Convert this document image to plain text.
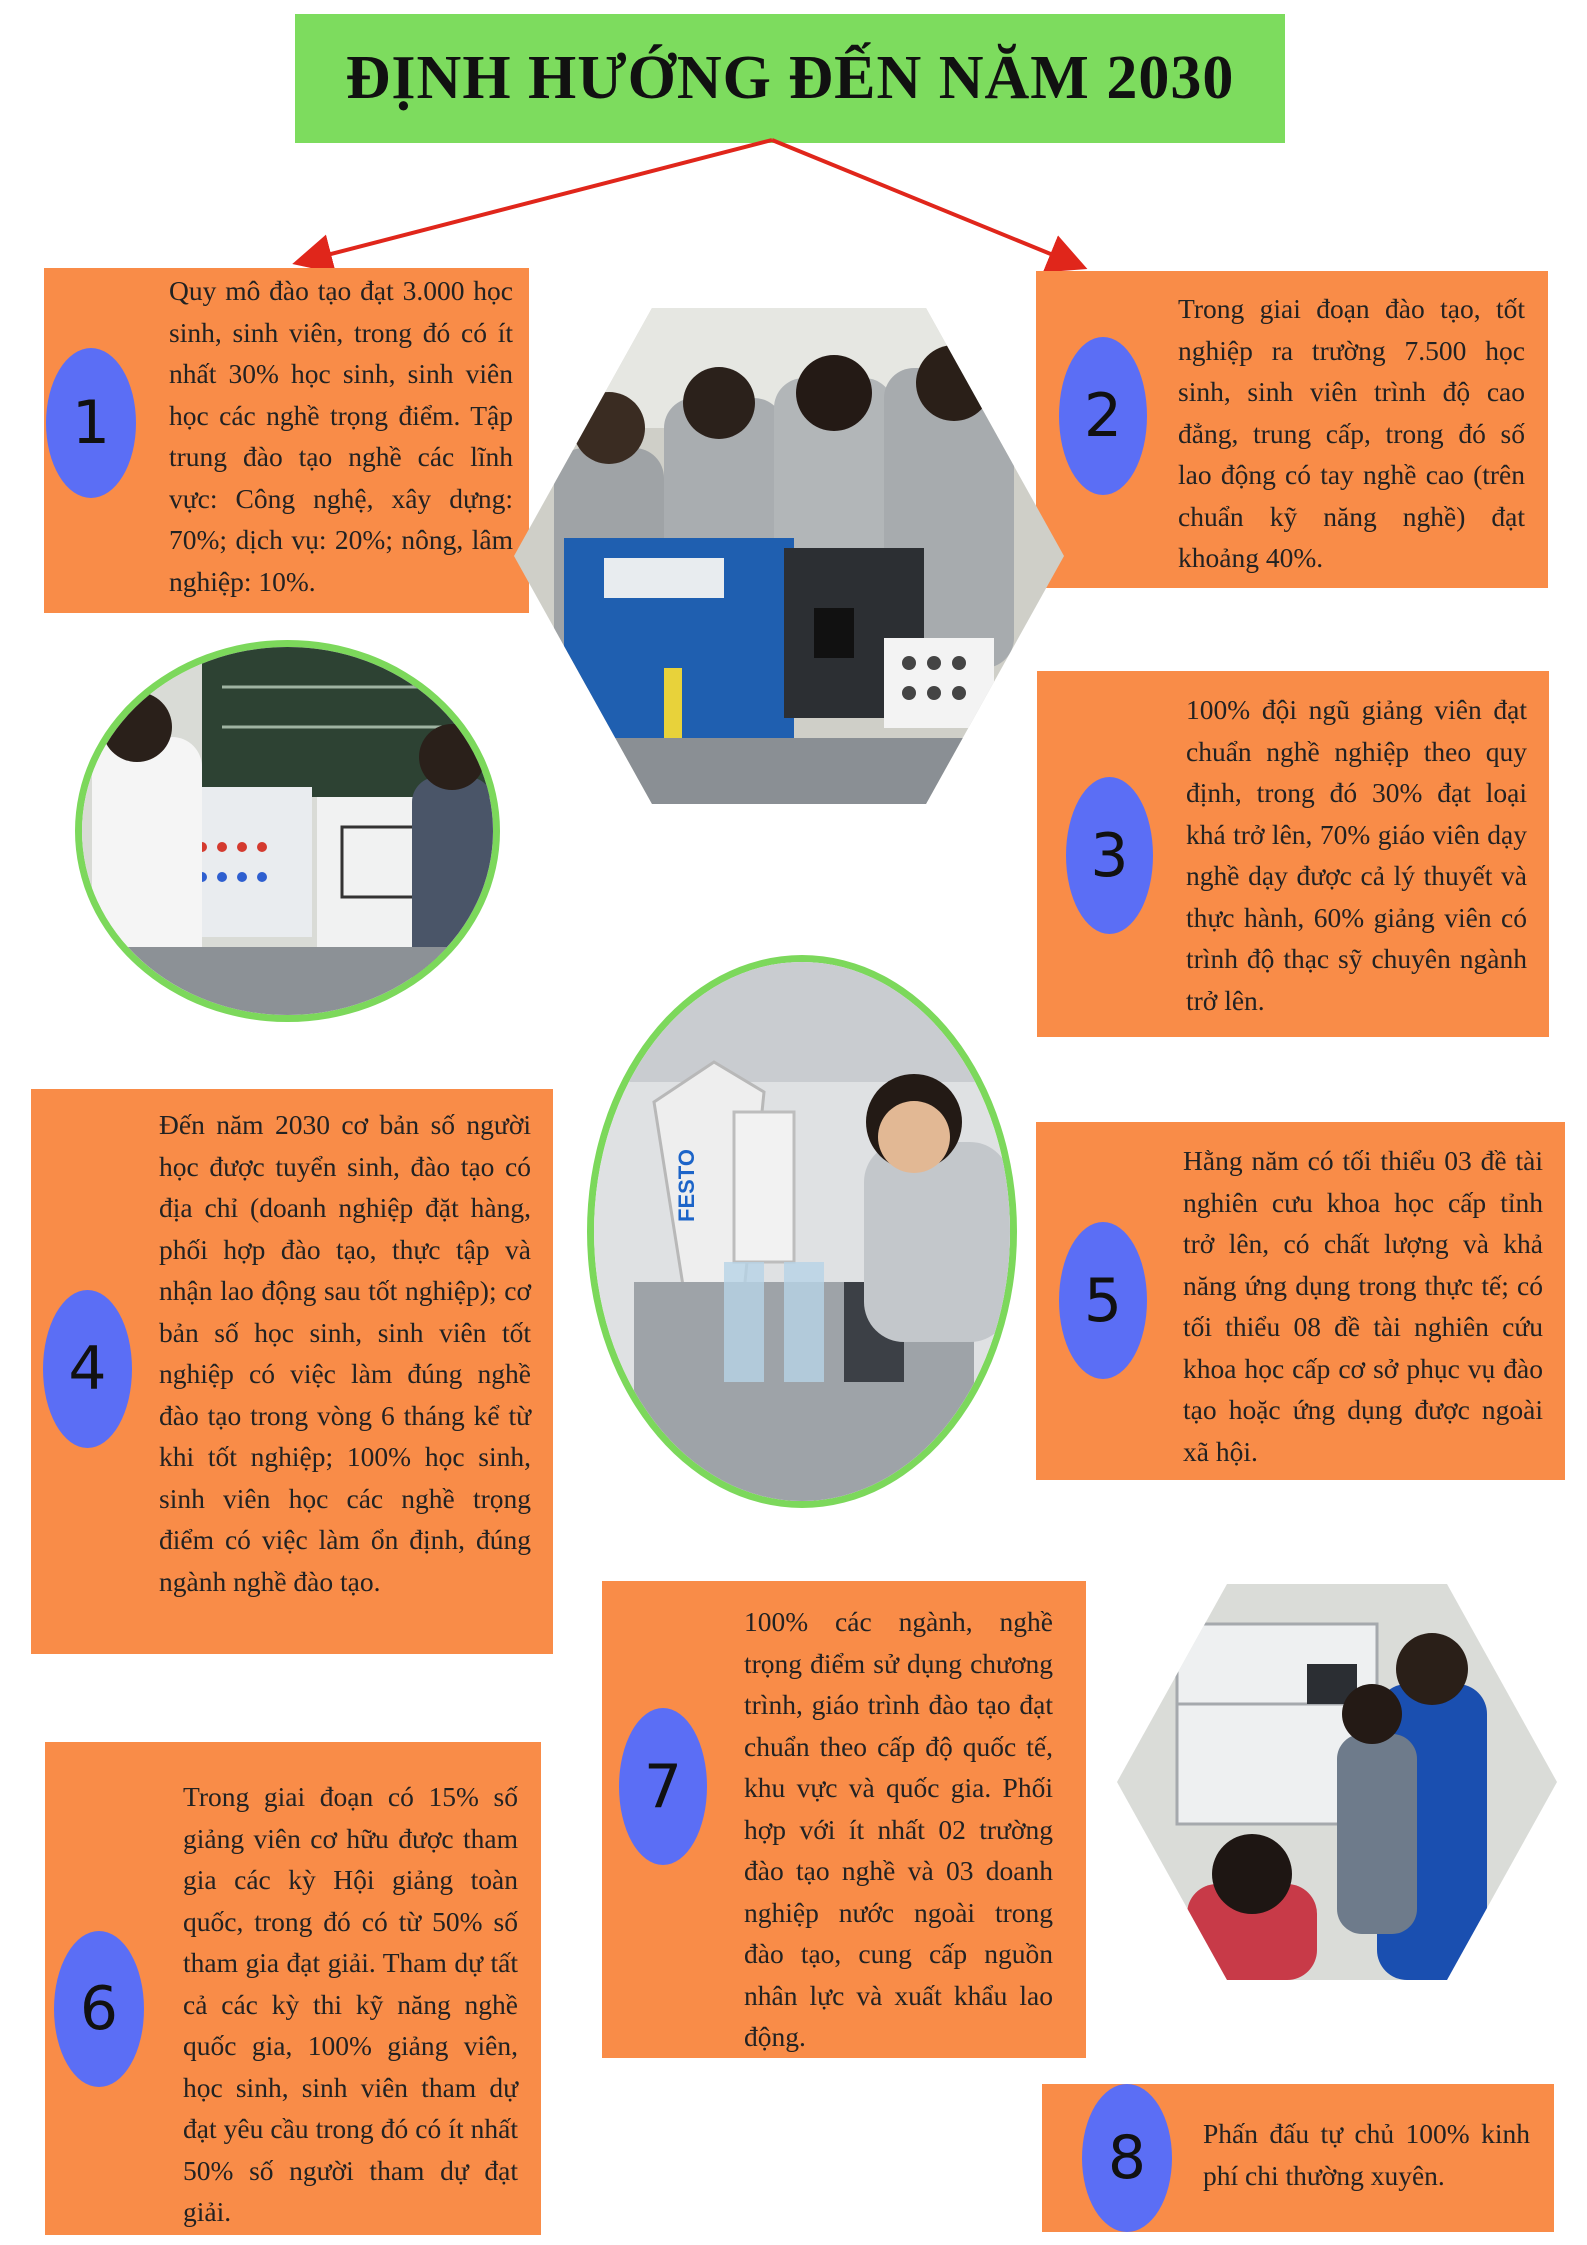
ĐỊNH HƯỚNG ĐẾN NĂM 2030
1
Quy mô đào tạo đạt 3.000 học sinh, sinh viên, trong đó có ít nhất 30% học sinh, sinh viên học các nghề trọng điểm. Tập trung đào tạo nghề các lĩnh vực: Công nghệ, xây dựng: 70%; dịch vụ: 20%; nông, lâm nghiệp: 10%.
2
Trong giai đoạn đào tạo, tốt nghiệp ra trường 7.500 học sinh, sinh viên trình độ cao đẳng, trung cấp, trong đó số lao động có tay nghề cao (trên chuẩn kỹ năng nghề) đạt khoảng 40%.
3
100% đội ngũ giảng viên đạt chuẩn nghề nghiệp theo quy định, trong đó 30% đạt loại khá trở lên, 70% giáo viên dạy nghề dạy được cả lý thuyết và thực hành, 60% giảng viên có trình độ thạc sỹ chuyên ngành trở lên.
4
Đến năm 2030 cơ bản số người học được tuyển sinh, đào tạo có địa chỉ (doanh nghiệp đặt hàng, phối hợp đào tạo, thực tập và nhận lao động sau tốt nghiệp); cơ bản số học sinh, sinh viên tốt nghiệp có việc làm đúng nghề đào tạo trong vòng 6 tháng kể từ khi tốt nghiệp; 100% học sinh, sinh viên học các nghề trọng điểm có việc làm ổn định, đúng ngành nghề đào tạo.
5
Hằng năm có tối thiểu 03 đề tài nghiên cưu khoa học cấp tỉnh trở lên, có chất lượng và khả năng ứng dụng trong thực tế; có tối thiểu 08 đề tài nghiên cứu khoa học cấp cơ sở phục vụ đào tạo hoặc ứng dụng được ngoài xã hội.
6
Trong giai đoạn có 15% số giảng viên cơ hữu được tham gia các kỳ Hội giảng toàn quốc, trong đó có từ 50% số tham gia đạt giải. Tham dự tất cả các kỳ thi kỹ năng nghề quốc gia, 100% giảng viên, học sinh, sinh viên tham dự đạt yêu cầu trong đó có ít nhất 50% số người tham dự đạt giải.
7
100% các ngành, nghề trọng điểm sử dụng chương trình, giáo trình đào tạo đạt chuẩn theo cấp độ quốc tế, khu vực và quốc gia. Phối hợp với ít nhất 02 trường đào tạo nghề và 03 doanh nghiệp nước ngoài trong đào tạo, cung cấp nguồn nhân lực và xuất khẩu lao động.
8	Phấn đấu tự chủ 100% kinh phí chi thường xuyên.
FESTO
